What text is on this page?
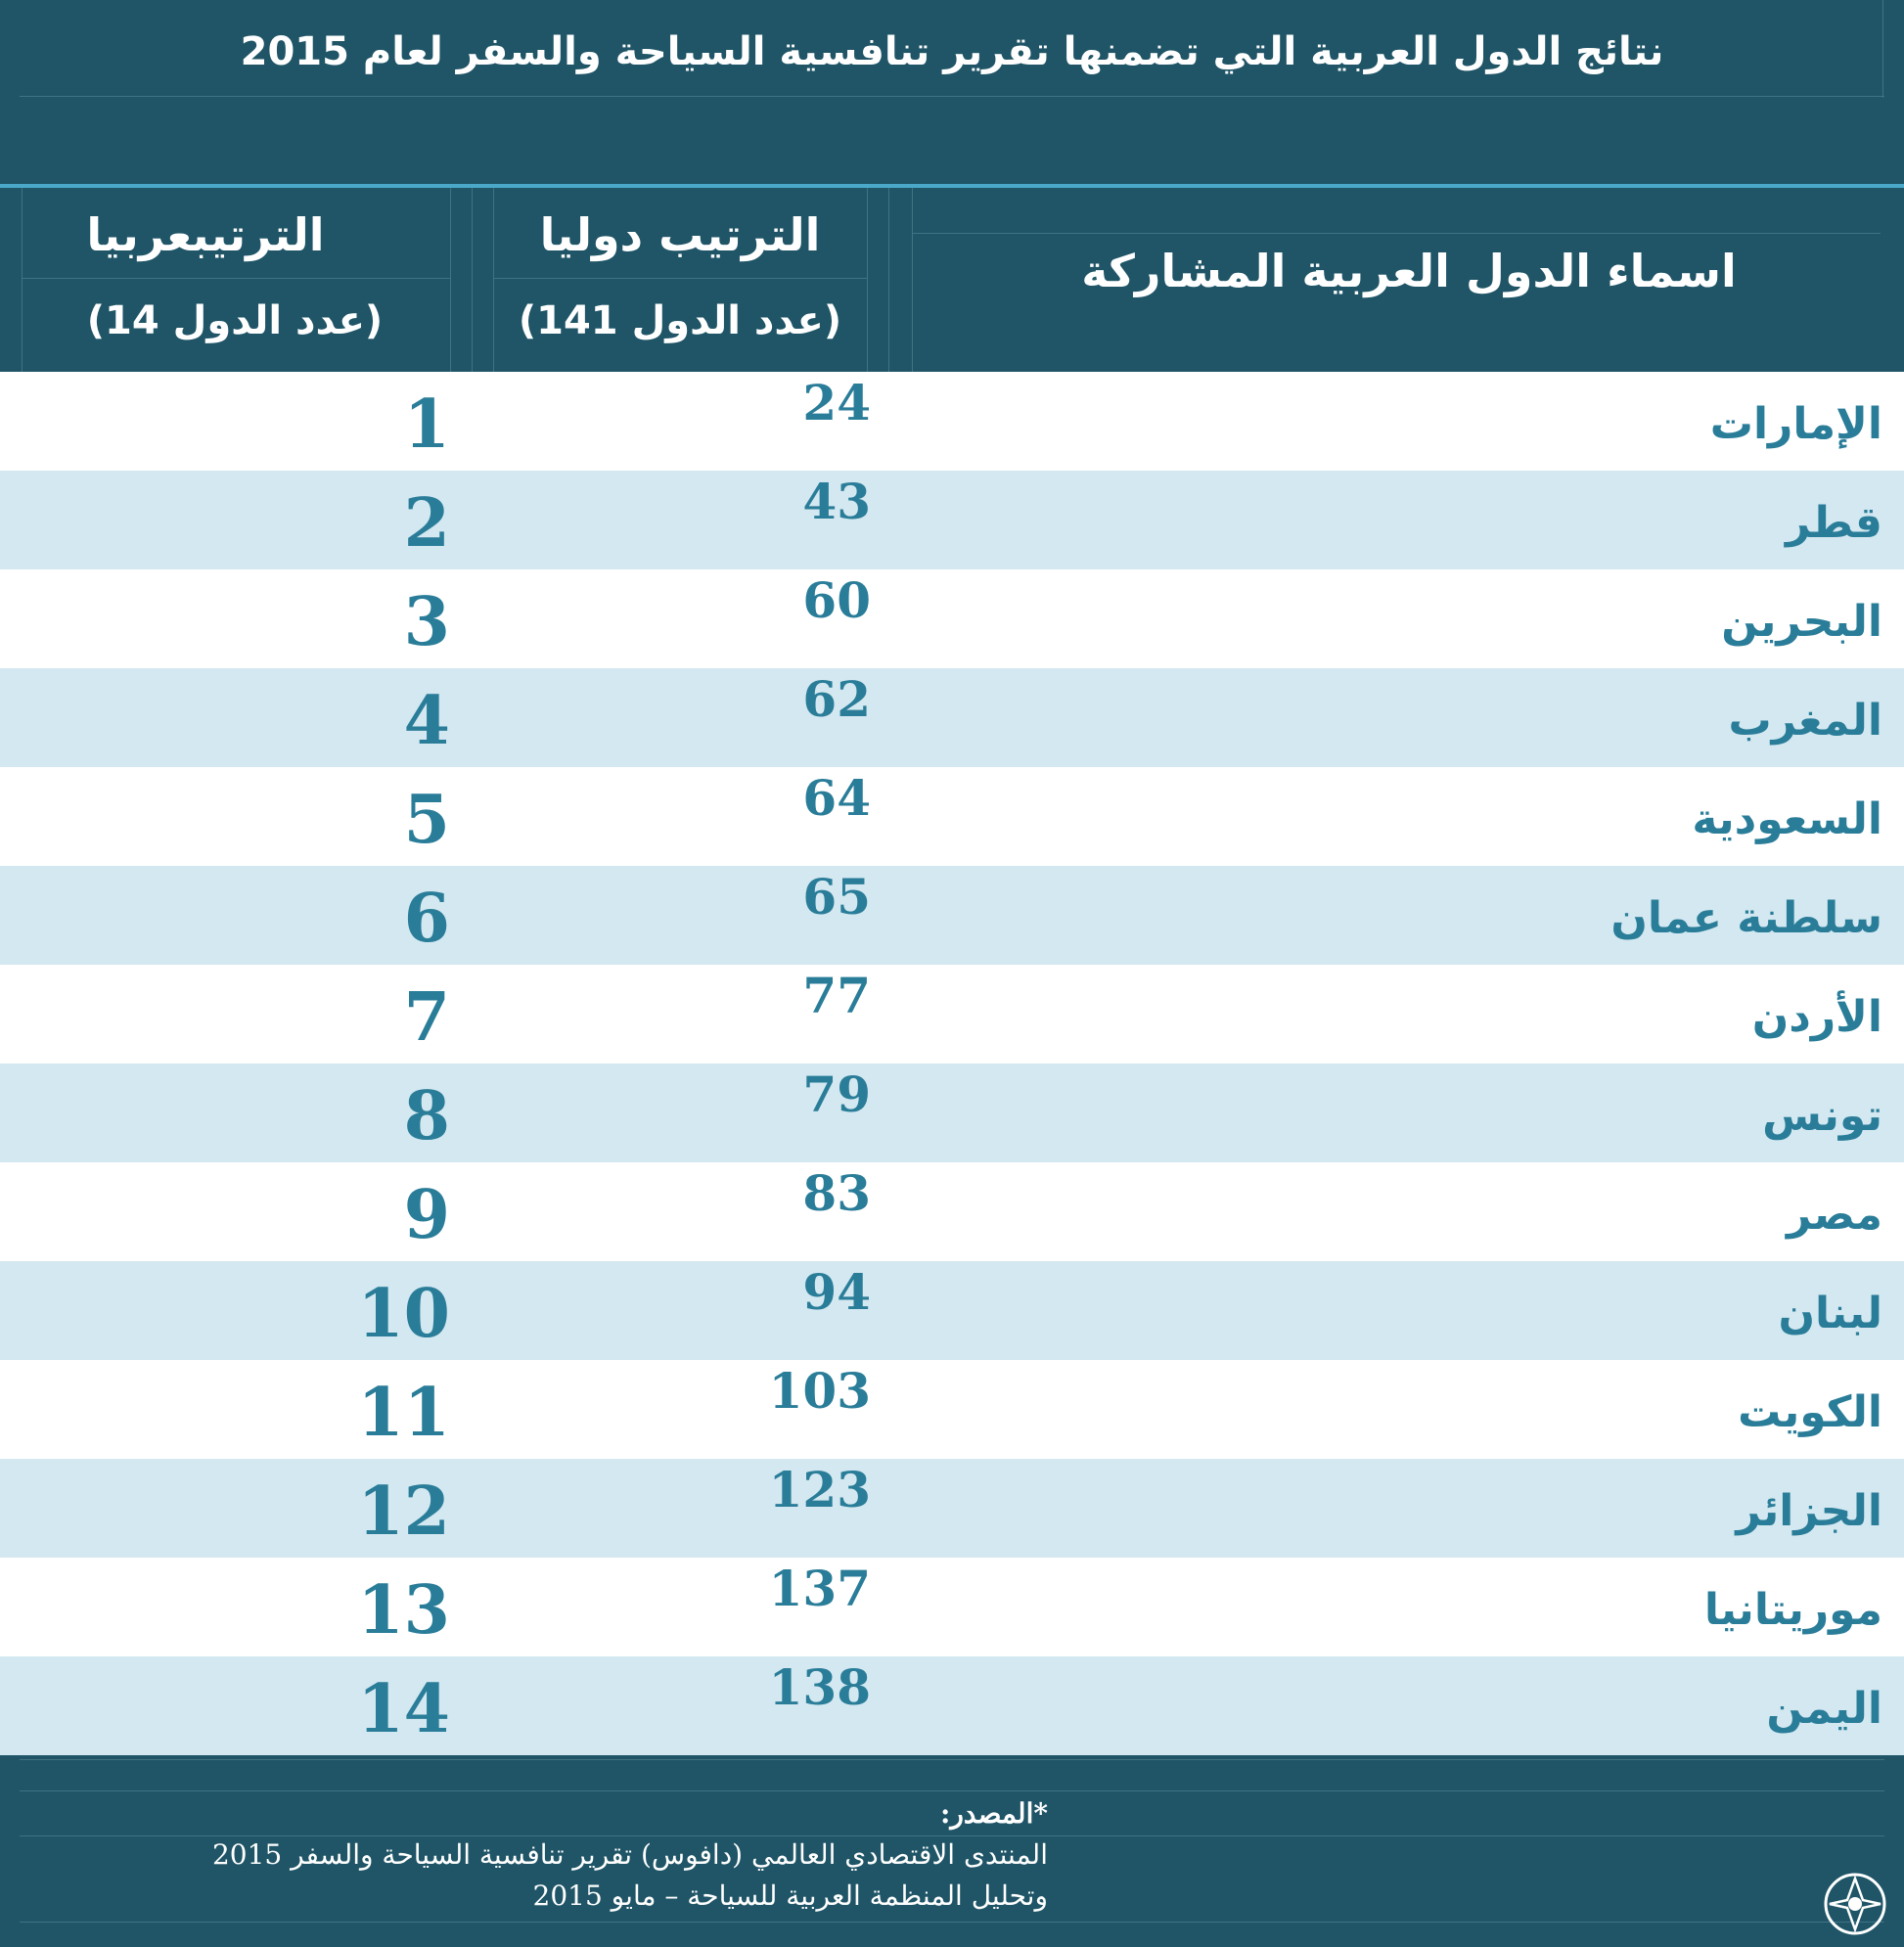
نتائج الدول العربية التي تضمنها تقرير تنافسية السياحة والسفر لعام 2015
اسماء الدول العربية المشاركة
الترتيب دوليا
(عدد الدول 141)
الترتيبعربيا
(عدد الدول 14)
الإمارات
24
1
قطر
43
2
البحرين
60
3
المغرب
62
4
السعودية
64
5
سلطنة عمان
65
6
الأردن
77
7
تونس
79
8
مصر
83
9
لبنان
94
10
الكويت
103
11
الجزائر
123
12
موريتانيا
137
13
اليمن
138
14
*المصدر:
المنتدى الاقتصادي العالمي (دافوس) تقرير تنافسية السياحة والسفر 2015
وتحليل المنظمة العربية للسياحة – مايو 2015
